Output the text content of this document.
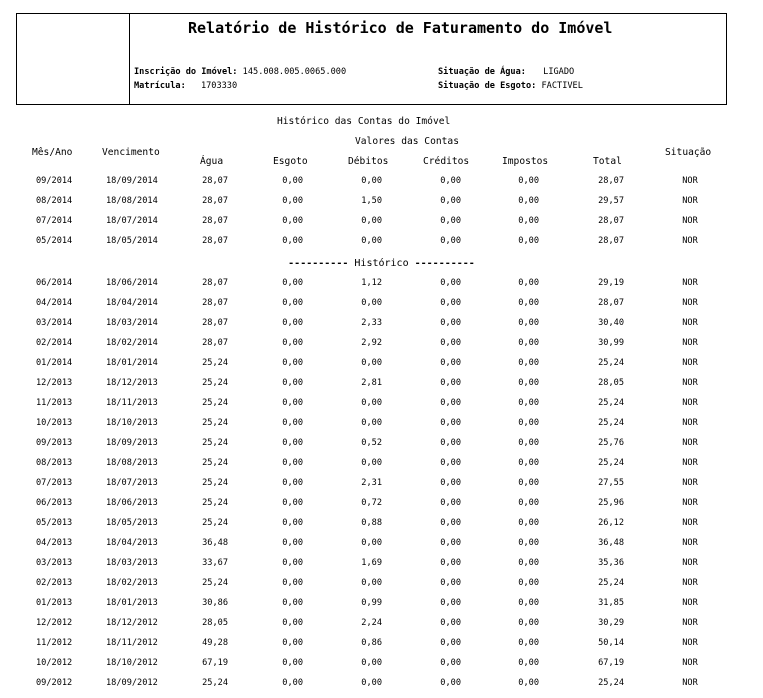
Relatório de Histórico de Faturamento do Imóvel
Inscrição do Imóvel: 145.008.005.0065.000
Matrícula: 1703330
Situação de Água: LIGADO
Situação de Esgoto: FACTIVEL
Histórico das Contas do Imóvel
Valores das Contas
Mês/Ano	Vencimento
Água	Esgoto	Débitos	Créditos	Impostos	Total
Situação
09/2014	18/09/2014	28,07	0,00	0,00	0,00	0,00	28,07	NOR
08/2014	18/08/2014	28,07	0,00	1,50	0,00	0,00	29,57	NOR
07/2014	18/07/2014	28,07	0,00	0,00	0,00	0,00	28,07	NOR
05/2014	18/05/2014	28,07	0,00	0,00	0,00	0,00	28,07	NOR
---------- Histórico ----------
06/2014	18/06/2014	28,07	0,00	1,12	0,00	0,00	29,19	NOR
04/2014	18/04/2014	28,07	0,00	0,00	0,00	0,00	28,07	NOR
03/2014	18/03/2014	28,07	0,00	2,33	0,00	0,00	30,40	NOR
02/2014	18/02/2014	28,07	0,00	2,92	0,00	0,00	30,99	NOR
01/2014	18/01/2014	25,24	0,00	0,00	0,00	0,00	25,24	NOR
12/2013	18/12/2013	25,24	0,00	2,81	0,00	0,00	28,05	NOR
11/2013	18/11/2013	25,24	0,00	0,00	0,00	0,00	25,24	NOR
10/2013	18/10/2013	25,24	0,00	0,00	0,00	0,00	25,24	NOR
09/2013	18/09/2013	25,24	0,00	0,52	0,00	0,00	25,76	NOR
08/2013	18/08/2013	25,24	0,00	0,00	0,00	0,00	25,24	NOR
07/2013	18/07/2013	25,24	0,00	2,31	0,00	0,00	27,55	NOR
06/2013	18/06/2013	25,24	0,00	0,72	0,00	0,00	25,96	NOR
05/2013	18/05/2013	25,24	0,00	0,88	0,00	0,00	26,12	NOR
04/2013	18/04/2013	36,48	0,00	0,00	0,00	0,00	36,48	NOR
03/2013	18/03/2013	33,67	0,00	1,69	0,00	0,00	35,36	NOR
02/2013	18/02/2013	25,24	0,00	0,00	0,00	0,00	25,24	NOR
01/2013	18/01/2013	30,86	0,00	0,99	0,00	0,00	31,85	NOR
12/2012	18/12/2012	28,05	0,00	2,24	0,00	0,00	30,29	NOR
11/2012	18/11/2012	49,28	0,00	0,86	0,00	0,00	50,14	NOR
10/2012	18/10/2012	67,19	0,00	0,00	0,00	0,00	67,19	NOR
09/2012	18/09/2012	25,24	0,00	0,00	0,00	0,00	25,24	NOR
